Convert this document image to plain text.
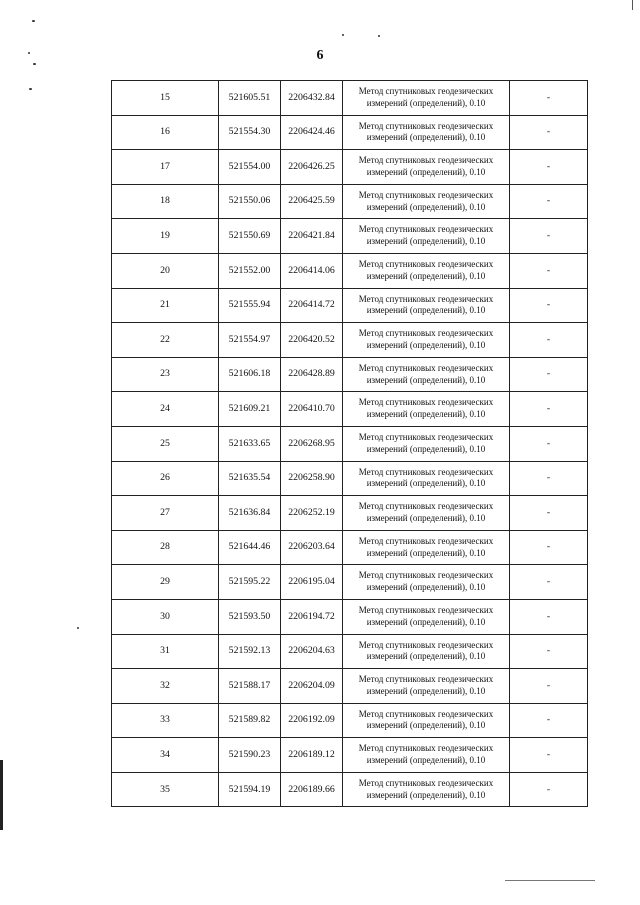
6
15	521605.51	2206432.84	Метод спутниковых геодезических измерений (определений), 0.10	-
16	521554.30	2206424.46	Метод спутниковых геодезических измерений (определений), 0.10	-
17	521554.00	2206426.25	Метод спутниковых геодезических измерений (определений), 0.10	-
18	521550.06	2206425.59	Метод спутниковых геодезических измерений (определений), 0.10	-
19	521550.69	2206421.84	Метод спутниковых геодезических измерений (определений), 0.10	-
20	521552.00	2206414.06	Метод спутниковых геодезических измерений (определений), 0.10	-
21	521555.94	2206414.72	Метод спутниковых геодезических измерений (определений), 0.10	-
22	521554.97	2206420.52	Метод спутниковых геодезических измерений (определений), 0.10	-
23	521606.18	2206428.89	Метод спутниковых геодезических измерений (определений), 0.10	-
24	521609.21	2206410.70	Метод спутниковых геодезических измерений (определений), 0.10	-
25	521633.65	2206268.95	Метод спутниковых геодезических измерений (определений), 0.10	-
26	521635.54	2206258.90	Метод спутниковых геодезических измерений (определений), 0.10	-
27	521636.84	2206252.19	Метод спутниковых геодезических измерений (определений), 0.10	-
28	521644.46	2206203.64	Метод спутниковых геодезических измерений (определений), 0.10	-
29	521595.22	2206195.04	Метод спутниковых геодезических измерений (определений), 0.10	-
30	521593.50	2206194.72	Метод спутниковых геодезических измерений (определений), 0.10	-
31	521592.13	2206204.63	Метод спутниковых геодезических измерений (определений), 0.10	-
32	521588.17	2206204.09	Метод спутниковых геодезических измерений (определений), 0.10	-
33	521589.82	2206192.09	Метод спутниковых геодезических измерений (определений), 0.10	-
34	521590.23	2206189.12	Метод спутниковых геодезических измерений (определений), 0.10	-
35	521594.19	2206189.66	Метод спутниковых геодезических измерений (определений), 0.10	-
